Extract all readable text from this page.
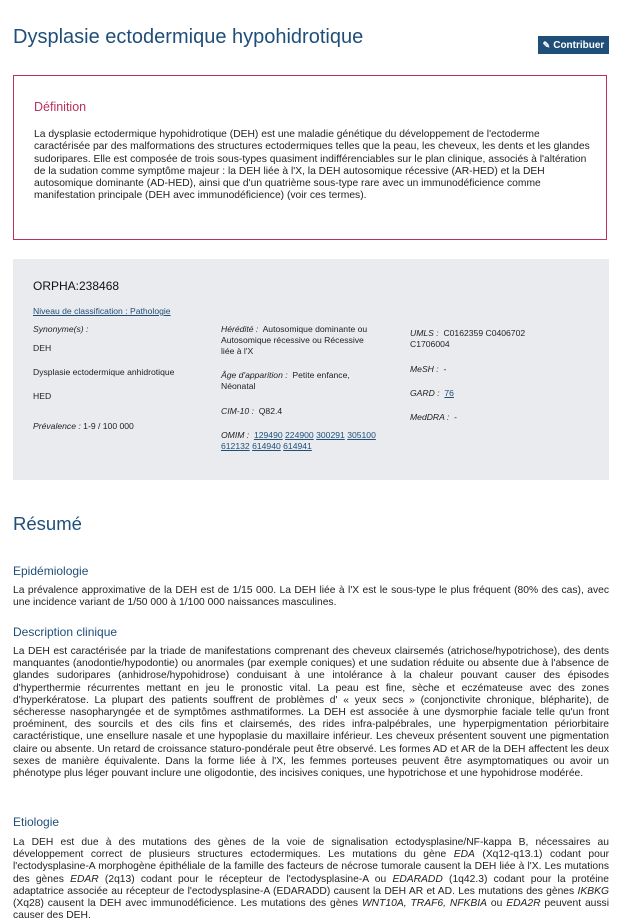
Dysplasie ectodermique hypohidrotique	✎ Contribuer
Définition
La dysplasie ectodermique hypohidrotique (DEH) est une maladie génétique du développement de l'ectoderme caractérisée par des malformations des structures ectodermiques telles que la peau, les cheveux, les dents et les glandes sudoripares. Elle est composée de trois sous-types quasiment indifférenciables sur le plan clinique, associés à l'altération de la sudation comme symptôme majeur : la DEH liée à l'X, la DEH autosomique récessive (AR-HED) et la DEH autosomique dominante (AD-HED), ainsi que d'un quatrième sous-type rare avec un immunodéficience comme manifestation principale (DEH avec immunodéficience) (voir ces termes).
ORPHA:238468
Niveau de classification : Pathologie
Synonyme(s) :
DEH
Dysplasie ectodermique anhidrotique
HED
Prévalence : 1-9 / 100 000
Hérédité : Autosomique dominante ou Autosomique récessive ou Récessive liée à l'X
Âge d'apparition : Petite enfance, Néonatal
CIM-10 : Q82.4
OMIM : 129490 224900 300291 305100 612132 614940 614941
UMLS : C0162359 C0406702 C1706004
MeSH : -
GARD : 76
MedDRA : -
Résumé
Epidémiologie
La prévalence approximative de la DEH est de 1/15 000. La DEH liée à l'X est le sous-type le plus fréquent (80% des cas), avec une incidence variant de 1/50 000 à 1/100 000 naissances masculines.
Description clinique
La DEH est caractérisée par la triade de manifestations comprenant des cheveux clairsemés (atrichose/hypotrichose), des dents manquantes (anodontie/hypodontie) ou anormales (par exemple coniques) et une sudation réduite ou absente due à l'absence de glandes sudoripares (anhidrose/hypohidrose) conduisant à une intolérance à la chaleur pouvant causer des épisodes d'hyperthermie récurrentes mettant en jeu le pronostic vital. La peau est fine, sèche et eczémateuse avec des zones d'hyperkératose. La plupart des patients souffrent de problèmes d' « yeux secs » (conjonctivite chronique, blépharite), de sécheresse nasopharyngée et de symptômes asthmatiformes. La DEH est associée à une dysmorphie faciale telle qu'un front proéminent, des sourcils et des cils fins et clairsemés, des rides infra-palpébrales, une hyperpigmentation périorbitaire caractéristique, une ensellure nasale et une hypoplasie du maxillaire inférieur. Les cheveux présentent souvent une pigmentation claire ou absente. Un retard de croissance staturo-pondérale peut être observé. Les formes AD et AR de la DEH affectent les deux sexes de manière équivalente. Dans la forme liée à l'X, les femmes porteuses peuvent être asymptomatiques ou avoir un phénotype plus léger pouvant inclure une oligodontie, des incisives coniques, une hypotrichose et une hypohidrose modérée.
Etiologie
La DEH est due à des mutations des gènes de la voie de signalisation ectodysplasine/NF-kappa B, nécessaires au développement correct de plusieurs structures ectodermiques. Les mutations du gène EDA (Xq12-q13.1) codant pour l'ectodysplasine-A morphogène épithéliale de la famille des facteurs de nécrose tumorale causent la DEH liée à l'X. Les mutations des gènes EDAR (2q13) codant pour le récepteur de l'ectodysplasine-A ou EDARADD (1q42.3) codant pour la protéine adaptatrice associée au récepteur de l'ectodysplasine-A (EDARADD) causent la DEH AR et AD. Les mutations des gènes IKBKG (Xq28) causent la DEH avec immunodéficience. Les mutations des gènes WNT10A, TRAF6, NFKBIA ou EDA2R peuvent aussi causer des DEH.
